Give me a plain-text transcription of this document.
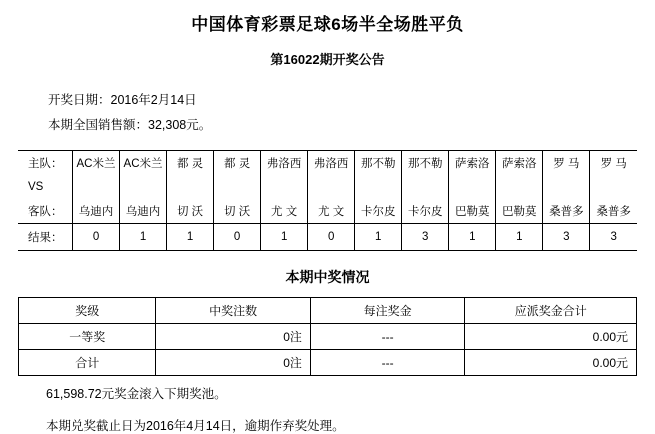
中国体育彩票足球6场半全场胜平负
第16022期开奖公告
开奖日期：2016年2月14日
本期全国销售额：32,308元。
主队：	AC米兰	AC米兰	都 灵	都 灵	弗洛西	弗洛西	那不勒	那不勒	萨索洛	萨索洛	罗 马	罗 马
VS												
客队：	乌迪内	乌迪内	切 沃	切 沃	尤 文	尤 文	卡尔皮	卡尔皮	巴勒莫	巴勒莫	桑普多	桑普多
结果：	0	1	1	0	1	0	1	3	1	1	3	3
本期中奖情况
奖级	中奖注数	每注奖金	应派奖金合计
一等奖	0注	---	0.00元
合计	0注	---	0.00元
61,598.72元奖金滚入下期奖池。
本期兑奖截止日为2016年4月14日，逾期作弃奖处理。
